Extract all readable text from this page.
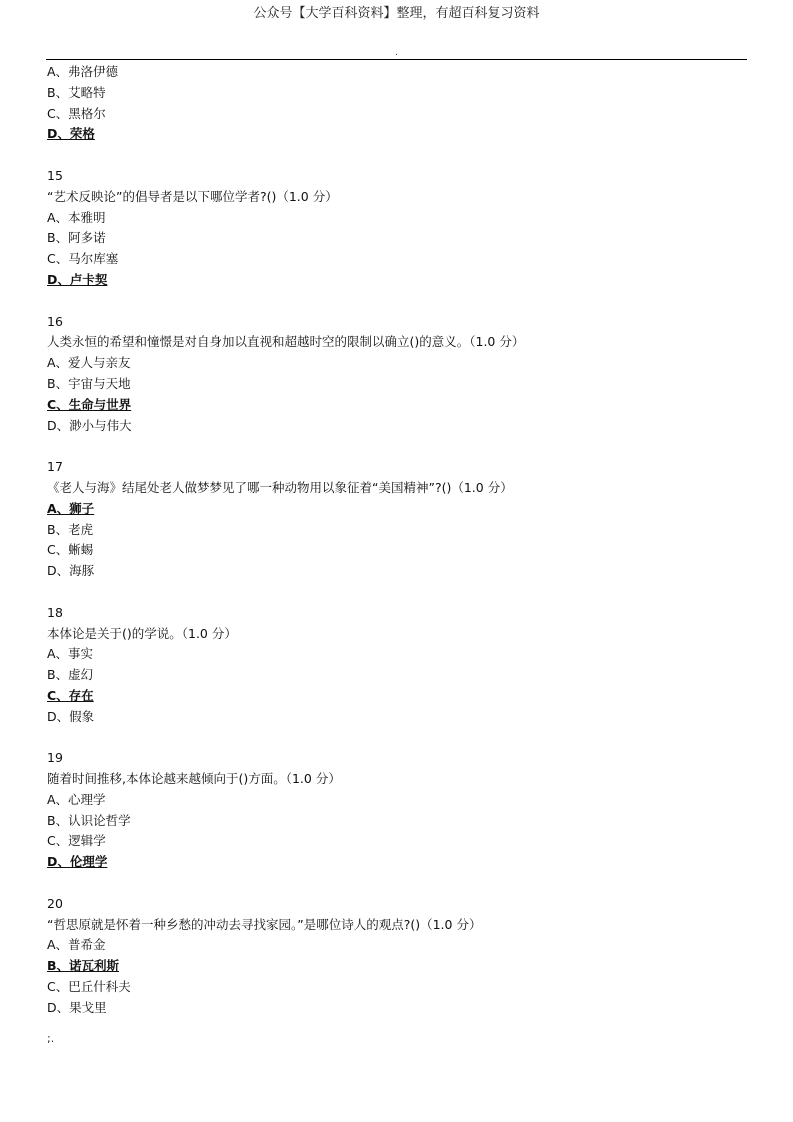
公众号【大学百科资料】整理，有超百科复习资料
.
A、弗洛伊德
B、艾略特
C、黑格尔
D、荣格
15
“艺术反映论”的倡导者是以下哪位学者?()（1.0 分）
A、本雅明
B、阿多诺
C、马尔库塞
D、卢卡契
16
人类永恒的希望和憧憬是对自身加以直视和超越时空的限制以确立()的意义。（1.0 分）
A、爱人与亲友
B、宇宙与天地
C、生命与世界
D、渺小与伟大
17
《老人与海》结尾处老人做梦梦见了哪一种动物用以象征着“美国精神”?()（1.0 分）
A、狮子
B、老虎
C、蜥蜴
D、海豚
18
本体论是关于()的学说。（1.0 分）
A、事实
B、虚幻
C、存在
D、假象
19
随着时间推移,本体论越来越倾向于()方面。（1.0 分）
A、心理学
B、认识论哲学
C、逻辑学
D、伦理学
20
“哲思原就是怀着一种乡愁的冲动去寻找家园。”是哪位诗人的观点?()（1.0 分）
A、普希金
B、诺瓦利斯
C、巴丘什科夫
D、果戈里
;.
